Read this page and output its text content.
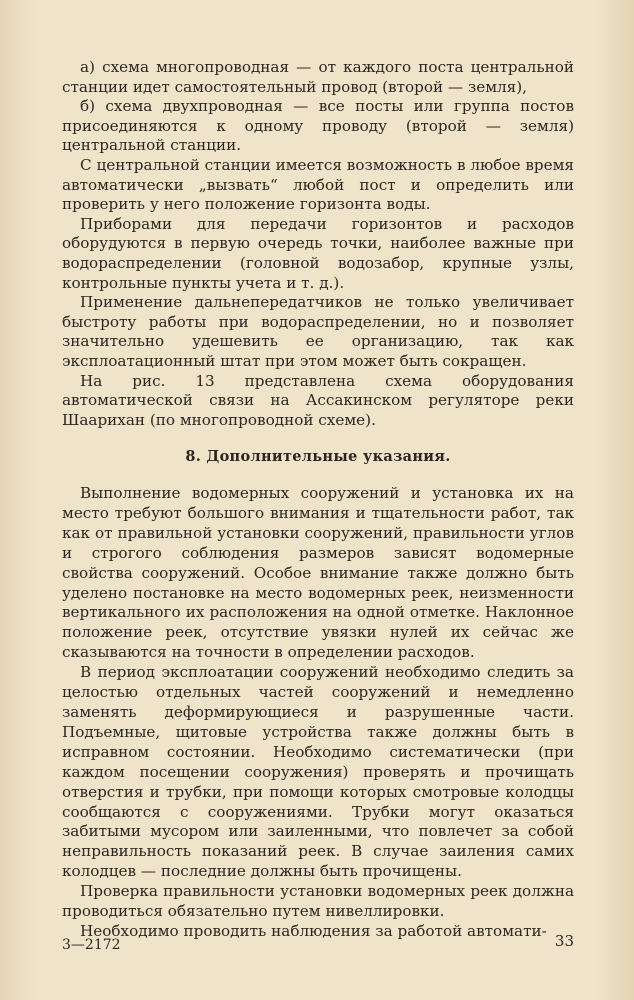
а) схема многопроводная — от каждого поста центральной станции идет самостоятельный провод (второй — земля),

б) схема двухпроводная — все посты или группа постов присоединяются к одному проводу (второй — земля) центральной станции.

С центральной станции имеется возможность в любое время автоматически „вызвать“ любой пост и определить или проверить у него положение горизонта воды.

Приборами для передачи горизонтов и расходов оборудуются в первую очередь точки, наиболее важные при водораспределении (головной водозабор, крупные узлы, контрольные пункты учета и т. д.).

Применение дальнепередатчиков не только увеличивает быстроту работы при водораспределении, но и позволяет значительно удешевить ее организацию, так как эксплоатационный штат при этом может быть сокращен.

На рис. 13 представлена схема оборудования автоматической связи на Ассакинском регуляторе реки Шаарихан (по многопроводной схеме).

8. Дополнительные указания.

Выполнение водомерных сооружений и установка их на место требуют большого внимания и тщательности работ, так как от правильной установки сооружений, правильности углов и строгого соблюдения размеров зависят водомерные свойства сооружений. Особое внимание также должно быть уделено постановке на место водомерных реек, неизменности вертикального их расположения на одной отметке. Наклонное положение реек, отсутствие увязки нулей их сейчас же сказываются на точности в определении расходов.

В период эксплоатации сооружений необходимо следить за целостью отдельных частей сооружений и немедленно заменять деформирующиеся и разрушенные части. Подъемные, щитовые устройства также должны быть в исправном состоянии. Необходимо систематически (при каждом посещении сооружения) проверять и прочищать отверстия и трубки, при помощи которых смотровые колодцы сообщаются с сооружениями. Трубки могут оказаться забитыми мусором или заиленными, что повлечет за собой неправильность показаний реек. В случае заиления самих колодцев — последние должны быть прочищены.

Проверка правильности установки водомерных реек должна проводиться обязательно путем нивеллировки.

Необходимо проводить наблюдения за работой автомати-

3—2172	33
